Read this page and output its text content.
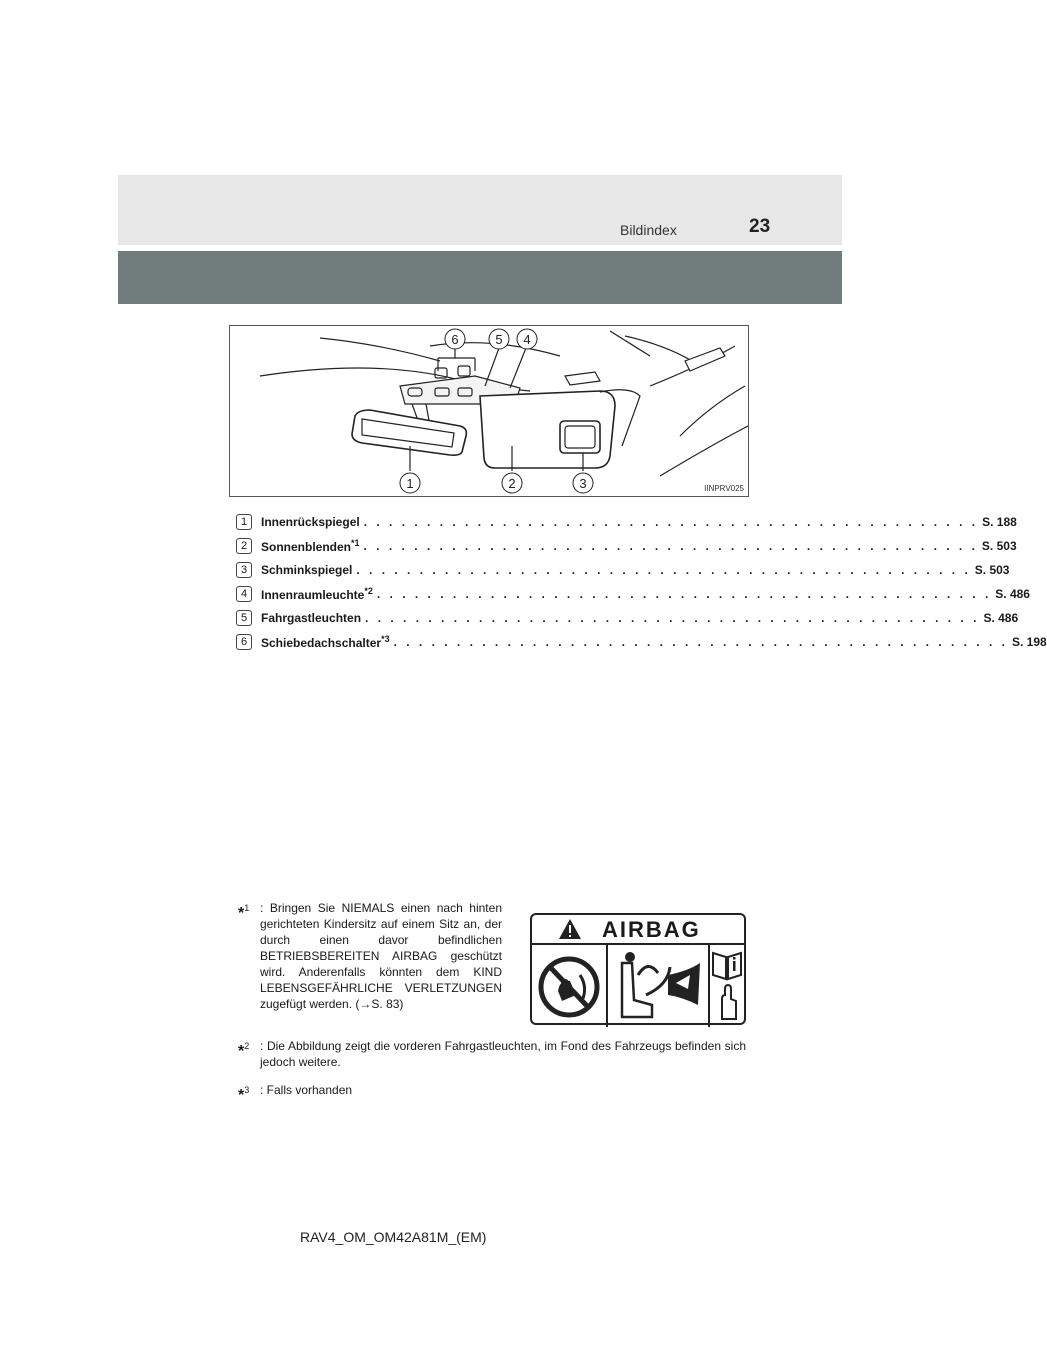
Bildindex	23
6	5 4
1	2	3	IINPRV025
1	Innenrückspiegel . . . . . . . . . . . . . . . . . . . . . . . . . . . . . . . . . . . . . . . . . . . . . . . . . S. 188
2	Sonnenblenden$^{*1}$ . . . . . . . . . . . . . . . . . . . . . . . . . . . . . . . . . . . . . . . . . . . . . . . . . S. 503
3	Schminkspiegel . . . . . . . . . . . . . . . . . . . . . . . . . . . . . . . . . . . . . . . . . . . . . . . . . S. 503
4	Innenraumleuchte$^{*2}$ . . . . . . . . . . . . . . . . . . . . . . . . . . . . . . . . . . . . . . . . . . . . . . . . . S. 486
5	Fahrgastleuchten . . . . . . . . . . . . . . . . . . . . . . . . . . . . . . . . . . . . . . . . . . . . . . . . . S. 486
6	Schiebedachschalter$^{*3}$ . . . . . . . . . . . . . . . . . . . . . . . . . . . . . . . . . . . . . . . . . . . . . . . . . S. 198
*$^1$ : Bringen Sie NIEMALS einen nach hinten gerichteten Kindersitz auf einem Sitz an, der durch einen davor befindlichen BETRIEBSBEREITEN AIRBAG geschützt wird. Anderenfalls könnten dem KIND LEBENSGEFÄHRLICHE VERLETZUNGEN zugefügt werden. (→S. 83)
*$^2$ : Die Abbildung zeigt die vorderen Fahrgastleuchten, im Fond des Fahrzeugs befinden sich jedoch weitere.
*$^3$ : Falls vorhanden
AIRBAG
RAV4_OM_OM42A81M_(EM)
